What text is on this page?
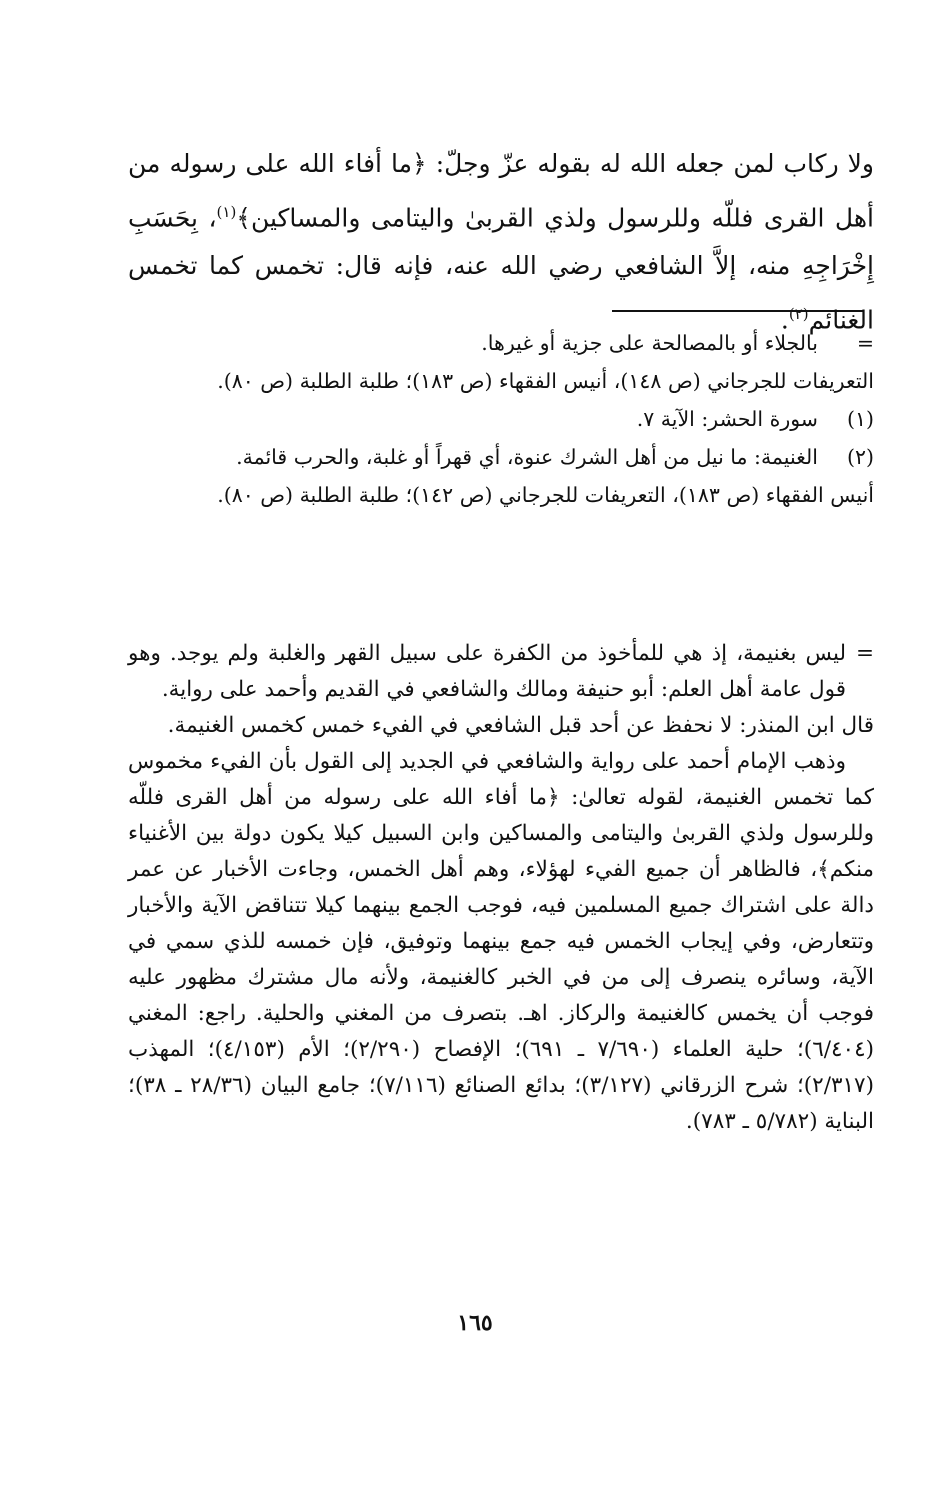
ولا ركاب لمن جعله الله له بقوله عزّ وجلّ: ﴿ما أفاء الله على رسوله من أهل القرى فللّه وللرسول ولذي القربىٰ واليتامى والمساكين﴾$^{(١)}$، بِحَسَبِ إِخْرَاجِهِ منه، إلاَّ الشافعي رضي الله عنه، فإنه قال: تخمس كما تخمس الغنائم$^{(٢)}$.

=
بالجلاء أو بالمصالحة على جزية أو غيرها.

التعريفات للجرجاني (ص ١٤٨)، أنيس الفقهاء (ص ١٨٣)؛ طلبة الطلبة (ص ٨٠).

(١)
سورة الحشر: الآية ٧.

(٢)
الغنيمة: ما نيل من أهل الشرك عنوة، أي قهراً أو غلبة، والحرب قائمة.

أنيس الفقهاء (ص ١٨٣)، التعريفات للجرجاني (ص ١٤٢)؛ طلبة الطلبة (ص ٨٠).

=
ليس بغنيمة، إذ هي للمأخوذ من الكفرة على سبيل القهر والغلبة ولم يوجد. وهو قول عامة أهل العلم: أبو حنيفة ومالك والشافعي في القديم وأحمد على رواية.

قال ابن المنذر: لا نحفظ عن أحد قبل الشافعي في الفيء خمس كخمس الغنيمة.

وذهب الإمام أحمد على رواية والشافعي في الجديد إلى القول بأن الفيء مخموس كما تخمس الغنيمة، لقوله تعالىٰ: ﴿ما أفاء الله على رسوله من أهل القرى فللّه وللرسول ولذي القربىٰ واليتامى والمساكين وابن السبيل كيلا يكون دولة بين الأغنياء منكم﴾، فالظاهر أن جميع الفيء لهؤلاء، وهم أهل الخمس، وجاءت الأخبار عن عمر دالة على اشتراك جميع المسلمين فيه، فوجب الجمع بينهما كيلا تتناقض الآية والأخبار وتتعارض، وفي إيجاب الخمس فيه جمع بينهما وتوفيق، فإن خمسه للذي سمي في الآية، وسائره ينصرف إلى من في الخبر كالغنيمة، ولأنه مال مشترك مظهور عليه فوجب أن يخمس كالغنيمة والركاز. اهـ. بتصرف من المغني والحلية. راجع: المغني (٦/٤٠٤)؛ حلية العلماء (٧/٦٩٠ ـ ٦٩١)؛ الإفصاح (٢/٢٩٠)؛ الأم (٤/١٥٣)؛ المهذب (٢/٣١٧)؛ شرح الزرقاني (٣/١٢٧)؛ بدائع الصنائع (٧/١١٦)؛ جامع البيان (٢٨/٣٦ ـ ٣٨)؛ البناية (٥/٧٨٢ ـ ٧٨٣).

١٦٥
